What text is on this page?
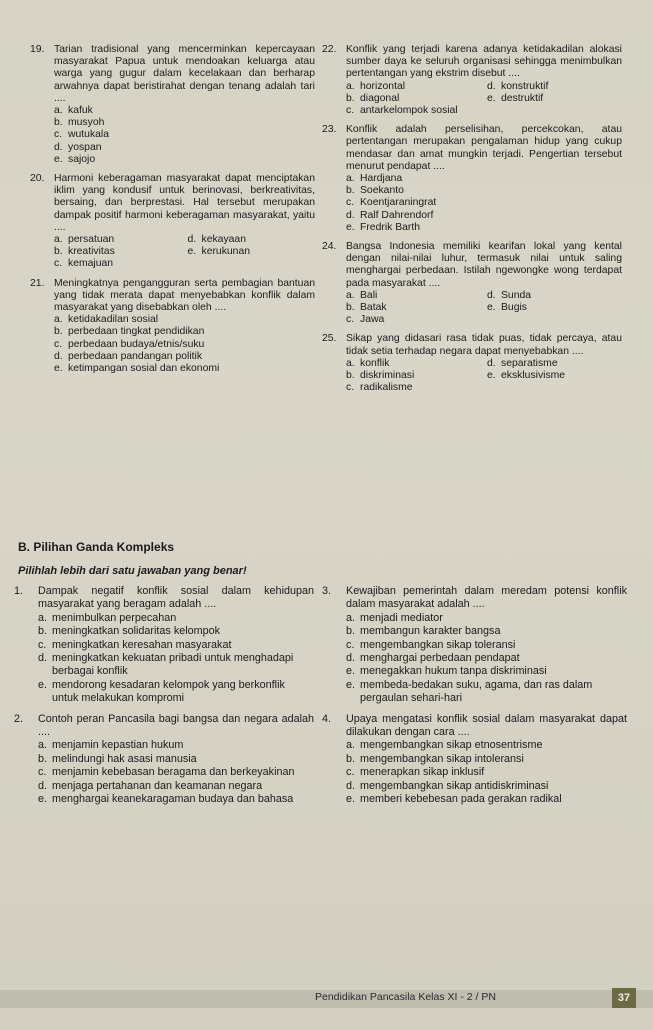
19. Tarian tradisional yang mencerminkan kepercayaan masyarakat Papua untuk mendoakan keluarga atau warga yang gugur dalam kecelakaan dan berharap arwahnya dapat beristirahat dengan tenang adalah tari ....
a. kafuk
b. musyoh
c. wutukala
d. yospan
e. sajojo
20. Harmoni keberagaman masyarakat dapat menciptakan iklim yang kondusif untuk berinovasi, berkreativitas, bersaing, dan berprestasi. Hal tersebut merupakan dampak positif harmoni keberagaman masyarakat, yaitu ....
a. persatuan	d. kekayaan
b. kreativitas	e. kerukunan
c. kemajuan
21. Meningkatnya pengangguran serta pembagian bantuan yang tidak merata dapat menyebabkan konflik dalam masyarakat yang disebabkan oleh ....
a. ketidakadilan sosial
b. perbedaan tingkat pendidikan
c. perbedaan budaya/etnis/suku
d. perbedaan pandangan politik
e. ketimpangan sosial dan ekonomi
22. Konflik yang terjadi karena adanya ketidakadilan alokasi sumber daya ke seluruh organisasi sehingga menimbulkan pertentangan yang ekstrim disebut ....
a. horizontal	d. konstruktif
b. diagonal	e. destruktif
c. antarkelompok sosial
23. Konflik adalah perselisihan, percekcokan, atau pertentangan merupakan pengalaman hidup yang cukup mendasar dan amat mungkin terjadi. Pengertian tersebut menurut pendapat ....
a. Hardjana
b. Soekanto
c. Koentjaraningrat
d. Ralf Dahrendorf
e. Fredrik Barth
24. Bangsa Indonesia memiliki kearifan lokal yang kental dengan nilai-nilai luhur, termasuk nilai untuk saling menghargai perbedaan. Istilah ngewongke wong terdapat pada masyarakat ....
a. Bali	d. Sunda
b. Batak	e. Bugis
c. Jawa
25. Sikap yang didasari rasa tidak puas, tidak percaya, atau tidak setia terhadap negara dapat menyebabkan ....
a. konflik	d. separatisme
b. diskriminasi	e. eksklusivisme
c. radikalisme
B. Pilihan Ganda Kompleks
Pilihlah lebih dari satu jawaban yang benar!
1.	Dampak negatif konflik sosial dalam kehidupan masyarakat yang beragam adalah ....
a. menimbulkan perpecahan
b. meningkatkan solidaritas kelompok
c. meningkatkan keresahan masyarakat
d. meningkatkan kekuatan pribadi untuk menghadapi berbagai konflik
e. mendorong kesadaran kelompok yang berkonflik untuk melakukan kompromi
2.	Contoh peran Pancasila bagi bangsa dan negara adalah ....
a. menjamin kepastian hukum
b. melindungi hak asasi manusia
c. menjamin kebebasan beragama dan berkeyakinan
d. menjaga pertahanan dan keamanan negara
e. menghargai keanekaragaman budaya dan bahasa
3.	Kewajiban pemerintah dalam meredam potensi konflik dalam masyarakat adalah ....
a. menjadi mediator
b. membangun karakter bangsa
c. mengembangkan sikap toleransi
d. menghargai perbedaan pendapat
e. menegakkan hukum tanpa diskriminasi
e. membeda-bedakan suku, agama, dan ras dalam pergaulan sehari-hari
4.	Upaya mengatasi konflik sosial dalam masyarakat dapat dilakukan dengan cara ....
a. mengembangkan sikap etnosentrisme
b. mengembangkan sikap intoleransi
c. menerapkan sikap inklusif
d. mengembangkan sikap antidiskriminasi
e. memberi kebebesan pada gerakan radikal
Pendidikan Pancasila Kelas XI - 2 / PN	37
